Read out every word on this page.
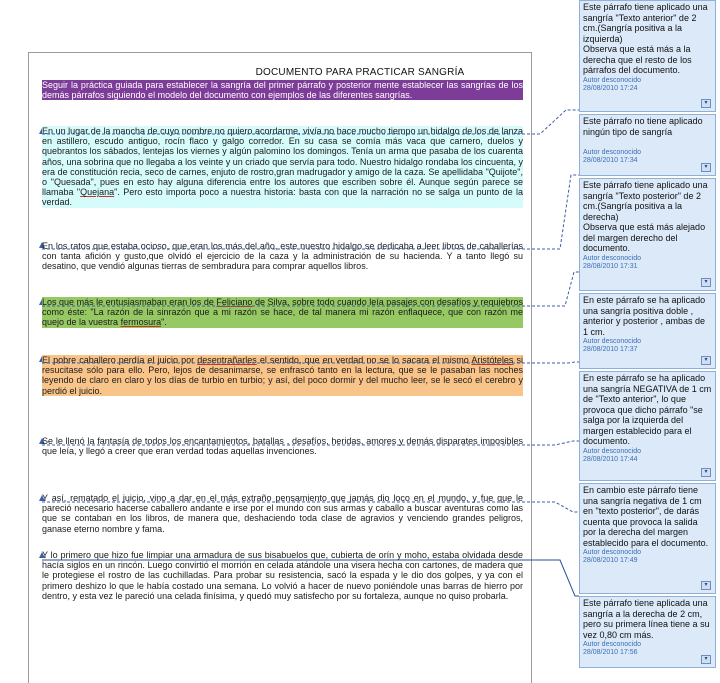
DOCUMENTO PARA PRACTICAR SANGRÍA

Seguir la práctica guiada para establecer la sangría del primer párrafo y posterior mente establecer las sangrías de los demás párrafos siguiendo el modelo del documento con ejemplos de las diferentes sangrías.

En un lugar de la mancha de cuyo nombre no quiero acordarme, vivía no hace mucho tiempo un hidalgo de los de lanza en astillero, escudo antiguo, rocín flaco y galgo corredor. En su casa se comía más vaca que carnero, duelos y quebrantos los sábados, lentejas los viernes y algún palomino los domingos. Tenía un arma que pasaba de los cuarenta años, una sobrina que no llegaba a los veinte y un criado que servía para todo. Nuestro hidalgo rondaba los cincuenta, y era de constitución recia, seco de carnes, enjuto de rostro,gran madrugador y amigo de la caza. Se apellidaba "Quijote", o "Quesada", pues en esto hay alguna diferencia entre los autores que escriben sobre él. Aunque según parece se llamaba "Quejana". Pero esto importa poco a nuestra historia: basta con que la narración no se salga un punto de la verdad.

En los ratos que estaba ocioso, que eran los más del año, este nuestro hidalgo se dedicaba a leer libros de caballerías con tanta afición y gusto,que olvidó el ejercicio de la caza y la administración de su hacienda. Y a tanto llegó su desatino, que vendió algunas tierras de sembradura para comprar aquellos libros.

Los que más le entusiasmaban eran los de Feliciano de Silva, sobre todo cuando leía pasajes con desafíos y requiebros como éste: "La razón de la sinrazón que a mi razón se hace, de tal manera mi razón enflaquece, que con razón me quejo de la vuestra fermosura".

El pobre caballero perdía el juicio por desentrañarles el sentido, que en verdad no se lo sacara el mismo Aristóteles si resucitase sólo para ello. Pero, lejos de desanimarse, se enfrascó tanto en la lectura, que se le pasaban las noches leyendo de claro en claro y los días de turbio en turbio; y así, del poco dormir y del mucho leer, se le secó el cerebro y perdió el juicio.

Se le llenó la fantasía de todos los encantamientos, batallas , desafíos, heridas, amores y demás disparates imposibles que leía, y llegó a creer que eran verdad todas aquellas invenciones.

Y así, rematado el juicio, vino a dar en el más extraño pensamiento que jamás dio loco en el mundo, y fue que le pareció necesario hacerse caballero andante e irse por el mundo con sus armas y caballo a buscar aventuras como las que se contaban en los libros, de manera que, deshaciendo toda clase de agravios y venciendo grandes peligros, ganase eterno nombre y fama.

Y lo primero que hizo fue limpiar una armadura de sus bisabuelos que, cubierta de orín y moho, estaba olvidada desde hacía siglos en un rincón. Luego convirtió el morrión en celada atándole una visera hecha con cartones, de madera que le protegiese el rostro de las cuchilladas. Para probar su resistencia, sacó la espada y le dio dos golpes, y ya con el primero deshizo lo que le había costado una semana. Lo volvió a hacer de nuevo poniéndole unas barras de hierro por dentro, y esta vez le pareció una celada finísima, y quedó muy satisfecho por su fortaleza, aunque no quiso probarla.

Este párrafo tiene aplicado una sangría "Texto anterior" de 2 cm.(Sangría positiva a la izquierda)
Observa que está más a la derecha que el resto de los párrafos del documento.
Autor desconocido
28/08/2010 17:24
▾
Este párrafo no tiene aplicado ningún tipo de sangría
Autor desconocido
28/08/2010 17:34
▾
Este párrafo tiene aplicado una sangría "Texto posterior" de 2 cm.(Sangría positiva a la derecha)
Observa que está más alejado del margen derecho del documento.
Autor desconocido
28/08/2010 17:31
▾
En este párrafo se ha aplicado una sangría positiva doble , anterior y posterior , ambas de 1 cm.
Autor desconocido
28/08/2010 17:37
▾
En este párrafo se ha aplicado una sangría NEGATIVA de 1 cm de "Texto anterior", lo que provoca que dicho párrafo "se salga por la izquierda del margen establecido para el documento.
Autor desconocido
28/08/2010 17:44
▾
En cambio este párrafo tiene una sangría negativa de 1 cm en "texto posterior", de darás cuenta que provoca la salida por la derecha del margen establecido para el documento.
Autor desconocido
28/08/2010 17:49
▾
Este párrafo tiene aplicada una sangría a la derecha de 2 cm, pero su primera línea tiene a su vez 0,80 cm más.
Autor desconocido
28/08/2010 17:56
▾
